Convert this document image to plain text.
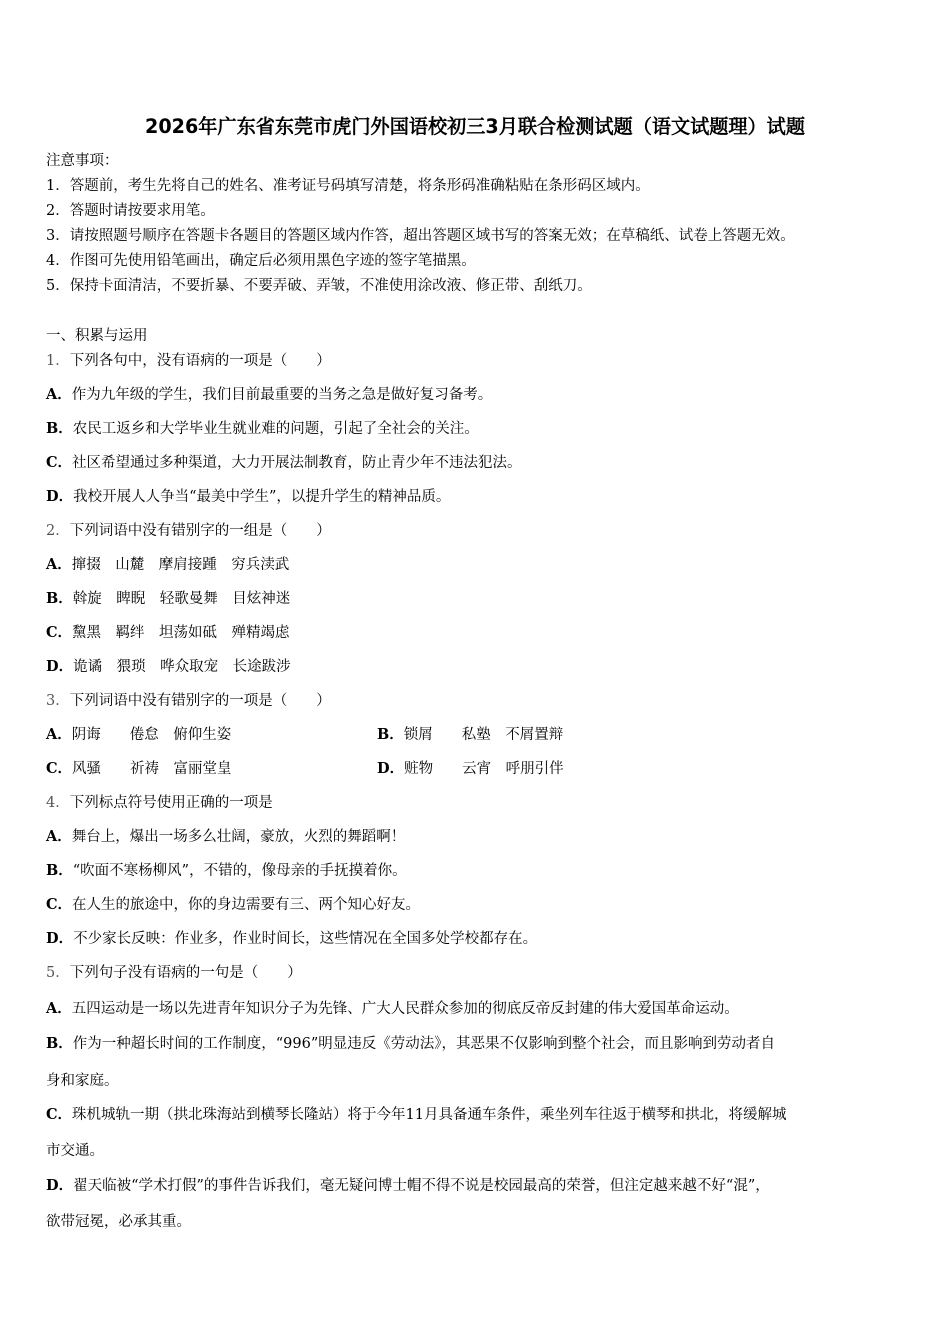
2026年广东省东莞市虎门外国语校初三3月联合检测试题（语文试题理）试题
注意事项：
1．答题前，考生先将自己的姓名、准考证号码填写清楚，将条形码准确粘贴在条形码区域内。
2．答题时请按要求用笔。
3．请按照题号顺序在答题卡各题目的答题区域内作答，超出答题区域书写的答案无效；在草稿纸、试卷上答题无效。
4．作图可先使用铅笔画出，确定后必须用黑色字迹的签字笔描黑。
5．保持卡面清洁，不要折暴、不要弄破、弄皱，不准使用涂改液、修正带、刮纸刀。
一、积累与运用
1．下列各句中，没有语病的一项是（　　）
A．作为九年级的学生，我们目前最重要的当务之急是做好复习备考。
B．农民工返乡和大学毕业生就业难的问题，引起了全社会的关注。
C．社区希望通过多种渠道，大力开展法制教育，防止青少年不违法犯法。
D．我校开展人人争当“最美中学生”，以提升学生的精神品质。
2．下列词语中没有错别字的一组是（　　）
A．撺掇　山麓　摩肩接踵　穷兵渎武
B．斡旋　睥睨　轻歌曼舞　目炫神迷
C．黧黑　羁绊　坦荡如砥　殚精竭虑
D．诡谲　猥琐　哗众取宠　长途跋涉
3．下列词语中没有错别字的一项是（　　）
A．阴诲　　倦怠　俯仰生姿	B．锁屑　　私塾　不屑置辩
C．风骚　　祈祷　富丽堂皇	D．赃物　　云宵　呼朋引伴
4．下列标点符号使用正确的一项是
A．舞台上，爆出一场多么壮阔，豪放，火烈的舞蹈啊！
B．“吹面不寒杨柳风”，不错的，像母亲的手抚摸着你。
C．在人生的旅途中，你的身边需要有三、两个知心好友。
D．不少家长反映：作业多，作业时间长，这些情况在全国多处学校都存在。
5．下列句子没有语病的一句是（　　）
A．五四运动是一场以先进青年知识分子为先锋、广大人民群众参加的彻底反帝反封建的伟大爱国革命运动。
B．作为一种超长时间的工作制度，“996”明显违反《劳动法》，其恶果不仅影响到整个社会，而且影响到劳动者自
身和家庭。
C．珠机城轨一期（拱北珠海站到横琴长隆站）将于今年11月具备通车条件，乘坐列车往返于横琴和拱北，将缓解城
市交通。
D．翟天临被“学术打假”的事件告诉我们，毫无疑问博士帽不得不说是校园最高的荣誉，但注定越来越不好“混”，
欲带冠冕，必承其重。
